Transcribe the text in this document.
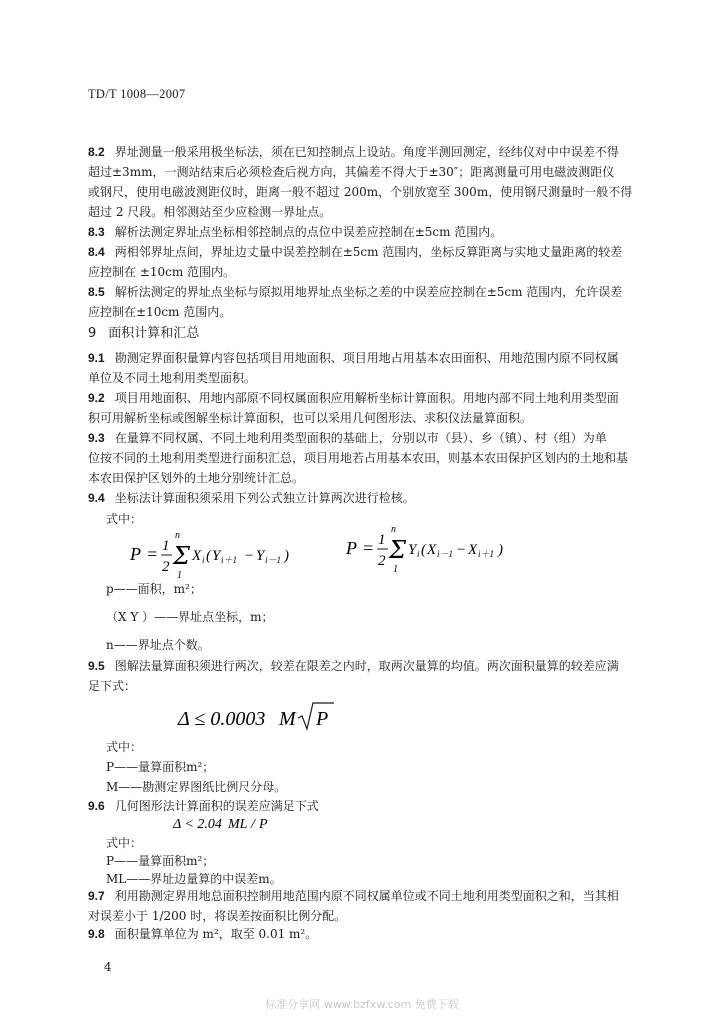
TD/T 1008—2007

8.2 界址测量一般采用极坐标法，须在已知控制点上设站。角度半测回测定，经纬仪对中中误差不得

超过±3mm，一测站结束后必须检查后视方向，其偏差不得大于±30″；距离测量可用电磁波测距仪

或钢尺，使用电磁波测距仪时，距离一般不超过 200m，个别放宽至 300m，使用钢尺测量时一般不得

超过 2 尺段。相邻测站至少应检测一界址点。

8.3 解析法测定界址点坐标相邻控制点的点位中误差应控制在±5cm 范围内。

8.4 两相邻界址点间，界址边丈量中误差控制在±5cm 范围内，坐标反算距离与实地丈量距离的较差

应控制在 ±10cm 范围内。

8.5 解析法测定的界址点坐标与原拟用地界址点坐标之差的中误差应控制在±5cm 范围内，允许误差

应控制在±10cm 范围内。

9 面积计算和汇总

9.1 勘测定界面积量算内容包括项目用地面积、项目用地占用基本农田面积、用地范围内原不同权属

单位及不同土地利用类型面积。

9.2 项目用地面积、用地内部原不同权属面积应用解析坐标计算面积。用地内部不同土地利用类型面

积可用解析坐标或图解坐标计算面积，也可以采用几何图形法、求积仪法量算面积。

9.3 在量算不同权属、不同土地利用类型面积的基础上，分别以市（县）、乡（镇）、村（组）为单

位按不同的土地利用类型进行面积汇总，项目用地若占用基本农田，则基本农田保护区划内的土地和基

本农田保护区划外的土地分别统计汇总。

9.4 坐标法计算面积须采用下列公式独立计算两次进行检核。

式中：
P = 1
2
n
Σ
1
X i ( Y i＋1 − Y i－1 )	P = 1
2
n
Σ
1
Y i ( X i－1 − X i＋1 )
p——面积，m²；
（X Y ）——界址点坐标，m；
n——界址点个数。

9.5 图解法量算面积须进行两次，较差在限差之内时，取两次量算的均值。两次面积量算的较差应满

足下式：

Δ ≤ 0.0003 M P
式中：
P——量算面积m²；
M——勘测定界图纸比例尺分母。

9.6 几何图形法计算面积的误差应满足下式

Δ < 2.04 ML / P
式中：
P——量算面积m²；
ML——界址边量算的中误差m。

9.7 利用勘测定界用地总面积控制用地范围内原不同权属单位或不同土地利用类型面积之和，当其相

对误差小于 1/200 时，将误差按面积比例分配。

9.8 面积量算单位为 m²，取至 0.01 m²。

4
标准分享网 www.bzfxw.com 免费下载
